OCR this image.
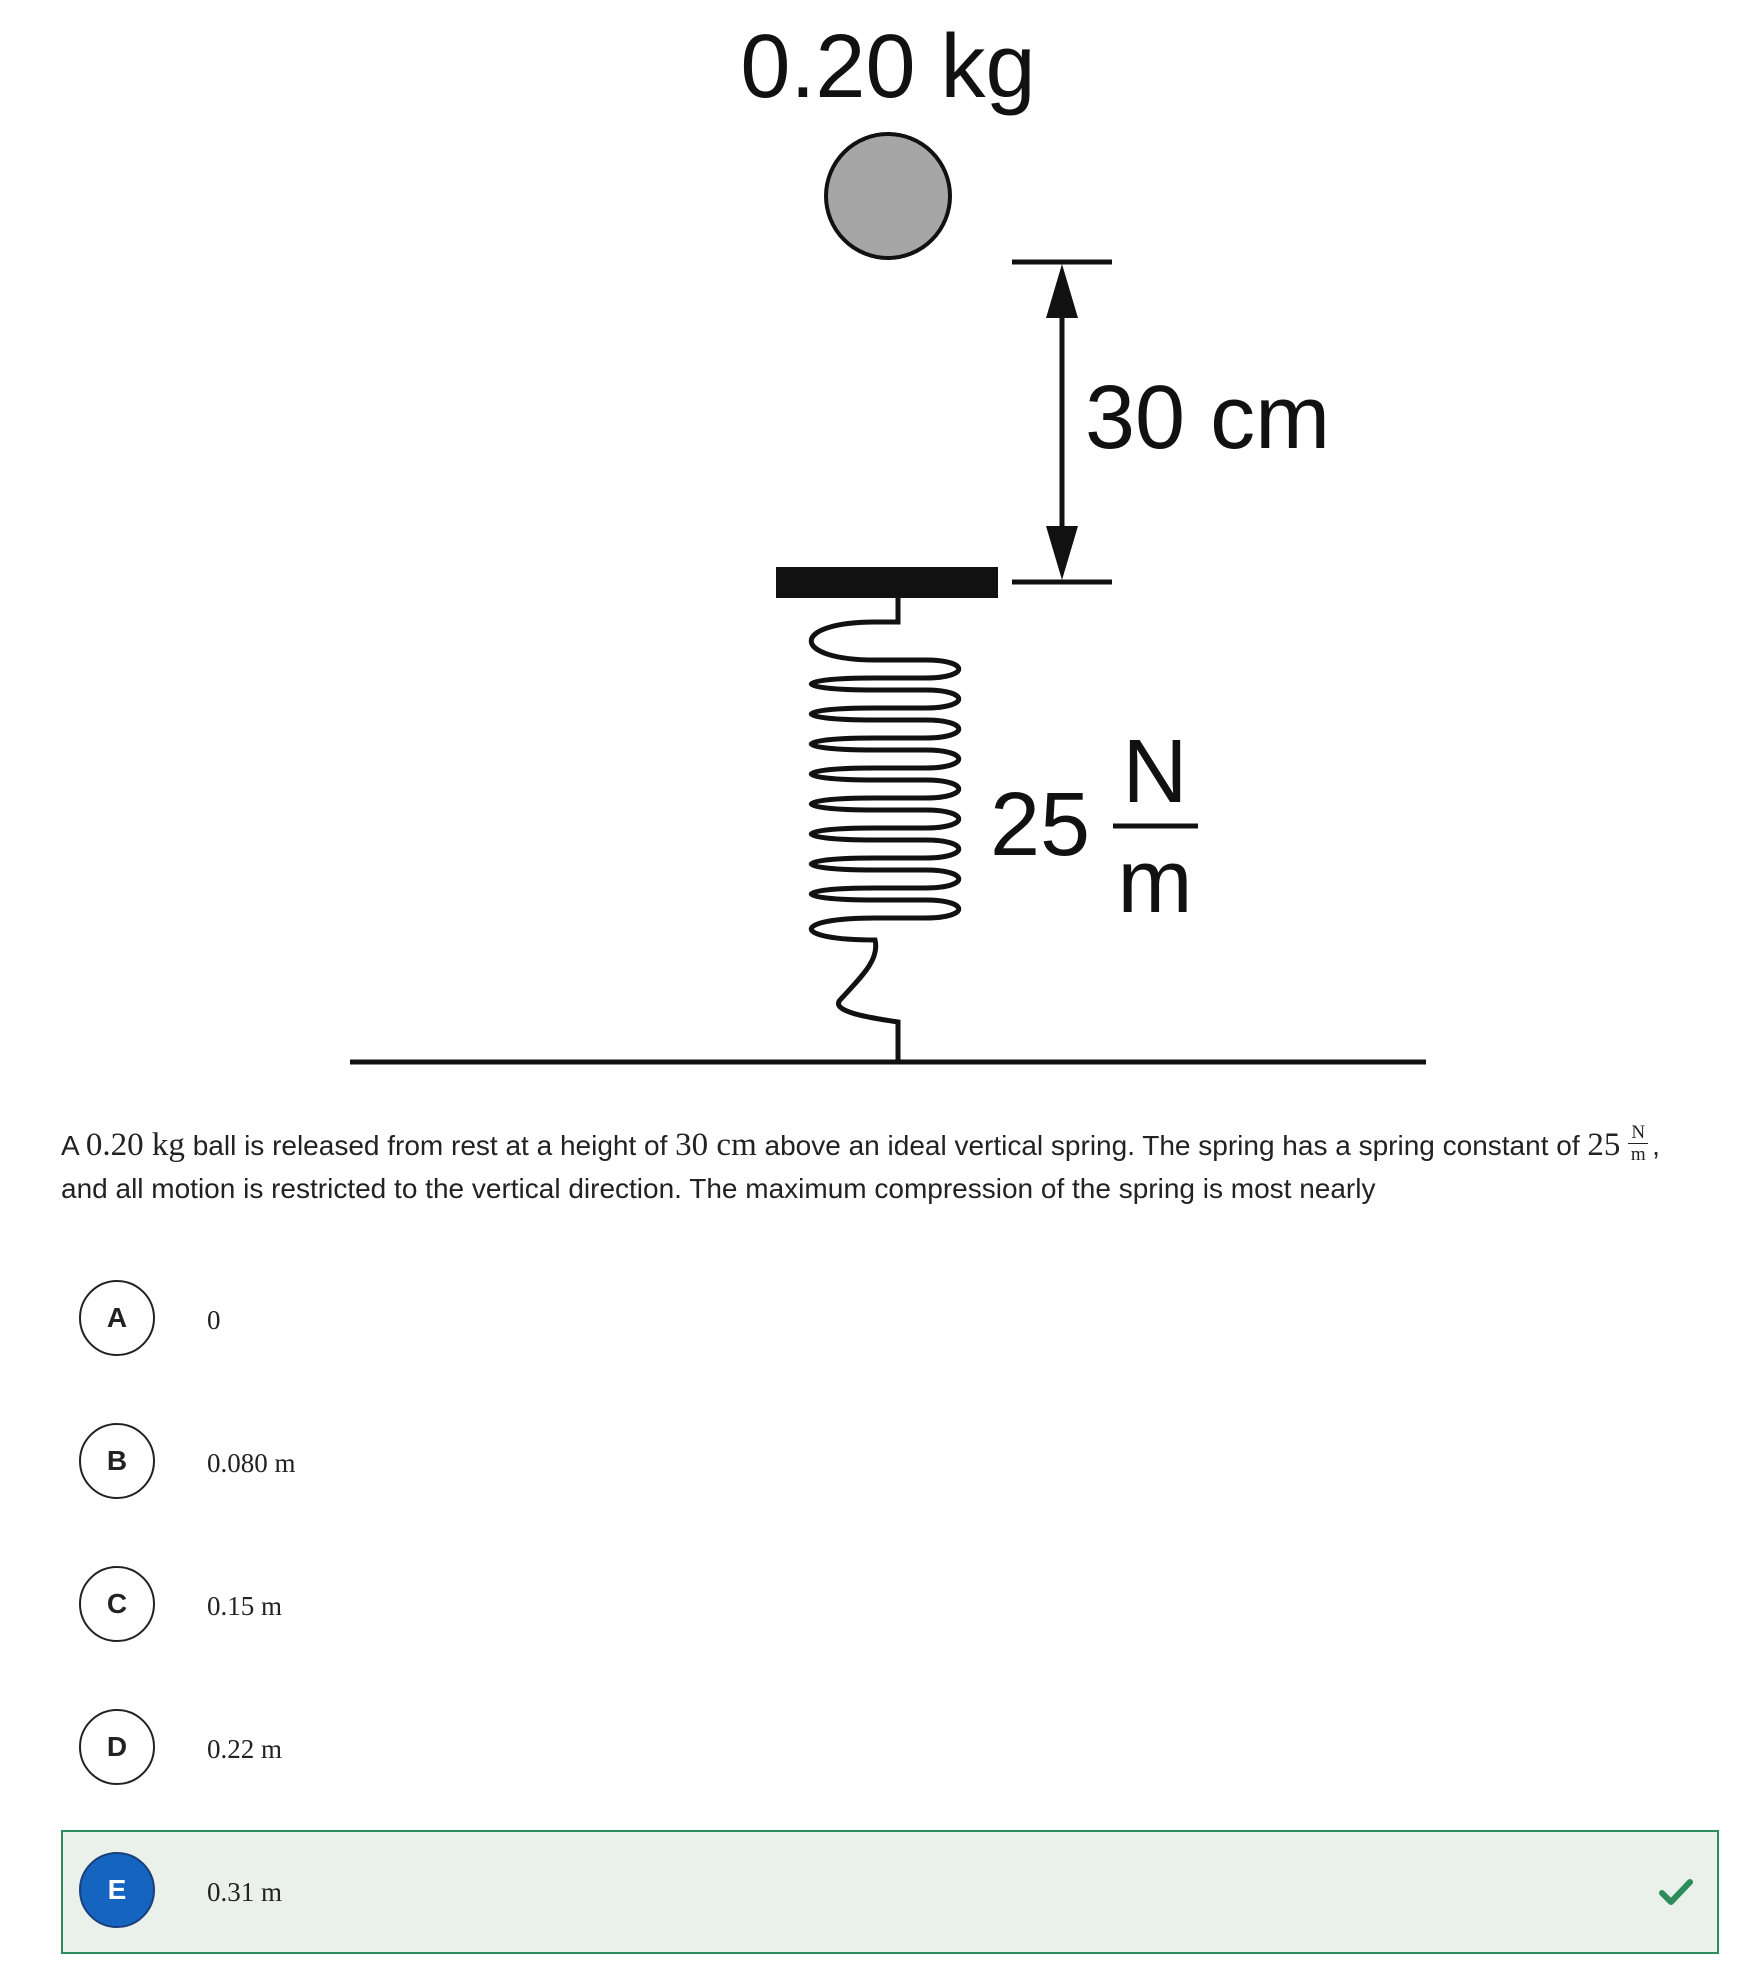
0.20 kg
30 cm
25
N
m
A 0.20 kg ball is released from rest at a height of 30 cm above an ideal vertical spring. The spring has a spring constant of $25 \frac{N}{m}$ , and all motion is restricted to the vertical direction. The maximum compression of the spring is most nearly
A	0
B	0.080 m
C	0.15 m
D	0.22 m
E	0.31 m
